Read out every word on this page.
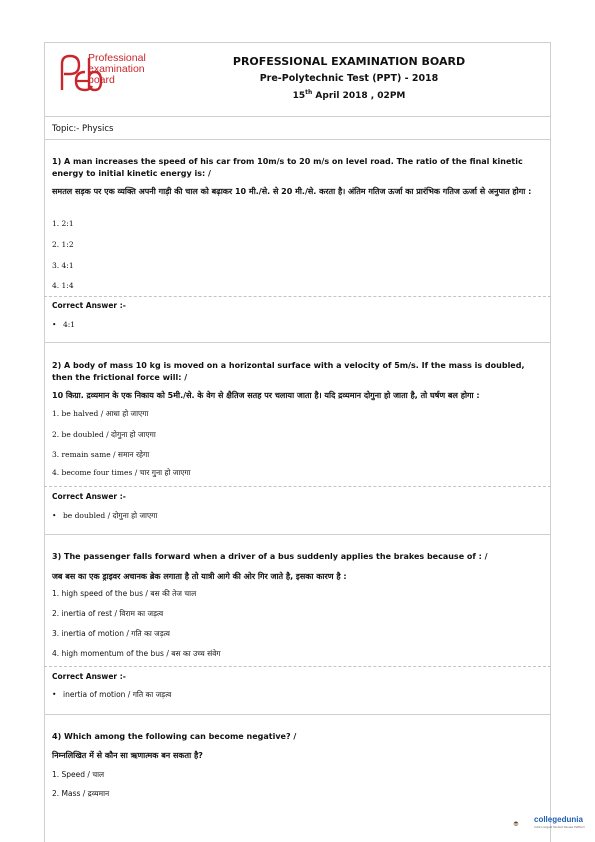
Professional
examination
board
PROFESSIONAL EXAMINATION BOARD
Pre-Polytechnic Test (PPT) - 2018
15th April 2018 , 02PM
Topic:- Physics
1) A man increases the speed of his car from 10m/s to 20 m/s on level road. The ratio of the final kinetic energy to initial kinetic energy is: /
समतल सड़क पर एक व्यक्ति अपनी गाड़ी की चाल को बढ़ाकर 10 मी./से. से 20 मी./से. करता है। अंतिम गतिज ऊर्जा का प्रारंभिक गतिज ऊर्जा से अनुपात होगा :
1. 2:1
2. 1:2
3. 4:1
4. 1:4
Correct Answer :-
• 4:1
2) A body of mass 10 kg is moved on a horizontal surface with a velocity of 5m/s. If the mass is doubled, then the frictional force will: /
10 किग्रा. द्रव्यमान के एक निकाय को 5मी./से. के वेग से क्षैतिज सतह पर चलाया जाता है। यदि द्रव्यमान दोगुना हो जाता है, तो घर्षण बल होगा :
1. be halved / आधा हो जाएगा
2. be doubled / दोगुना हो जाएगा
3. remain same / समान रहेगा
4. become four times / चार गुना हो जाएगा
Correct Answer :-
• be doubled / दोगुना हो जाएगा
3) The passenger falls forward when a driver of a bus suddenly applies the brakes because of : /
जब बस का एक ड्राइवर अचानक ब्रेक लगाता है तो यात्री आगे की ओर गिर जाते है, इसका कारण है :
1. high speed of the bus / बस की तेज चाल
2. inertia of rest / विराम का जड़त्व
3. inertia of motion / गति का जड़त्व
4. high momentum of the bus / बस का उच्च संवेग
Correct Answer :-
• inertia of motion / गति का जड़त्व
4) Which among the following can become negative? /
निम्नलिखित में से कौन सा ऋणात्मक बन सकता है?
1. Speed / चाल
2. Mass / द्रव्यमान
collegedunia
India's largest Student Review Platform
